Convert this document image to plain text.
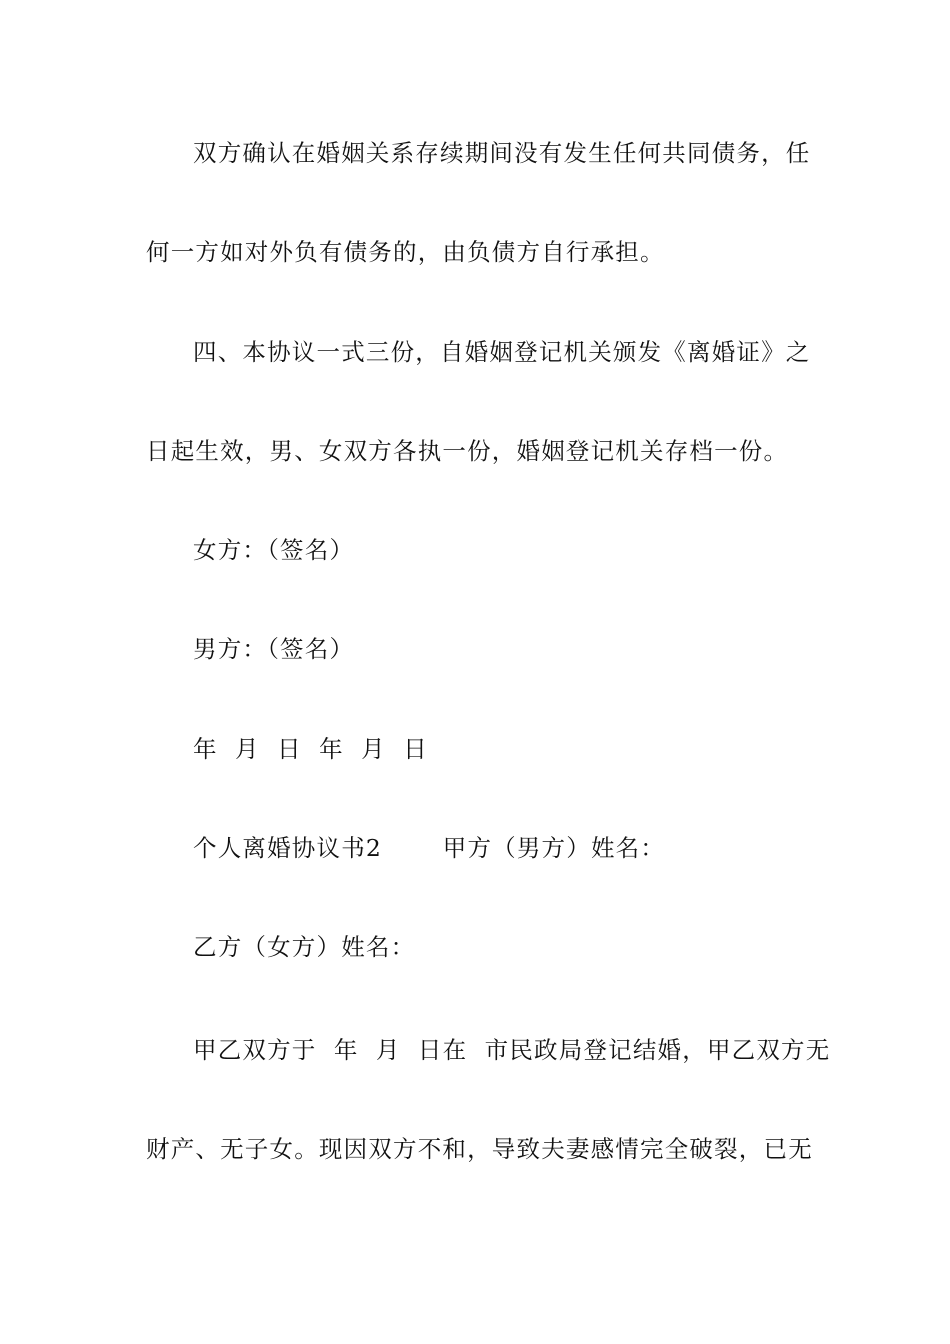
双方确认在婚姻关系存续期间没有发生任何共同债务，任
何一方如对外负有债务的，由负债方自行承担。
四、本协议一式三份，自婚姻登记机关颁发《离婚证》之
日起生效，男、女双方各执一份，婚姻登记机关存档一份。
女方：（签名）
男方：（签名）
年  月  日  年  月  日
个人离婚协议书2       甲方（男方）姓名：
乙方（女方）姓名：
甲乙双方于  年  月  日在  市民政局登记结婚，甲乙双方无
财产、无子女。现因双方不和，导致夫妻感情完全破裂，已无
